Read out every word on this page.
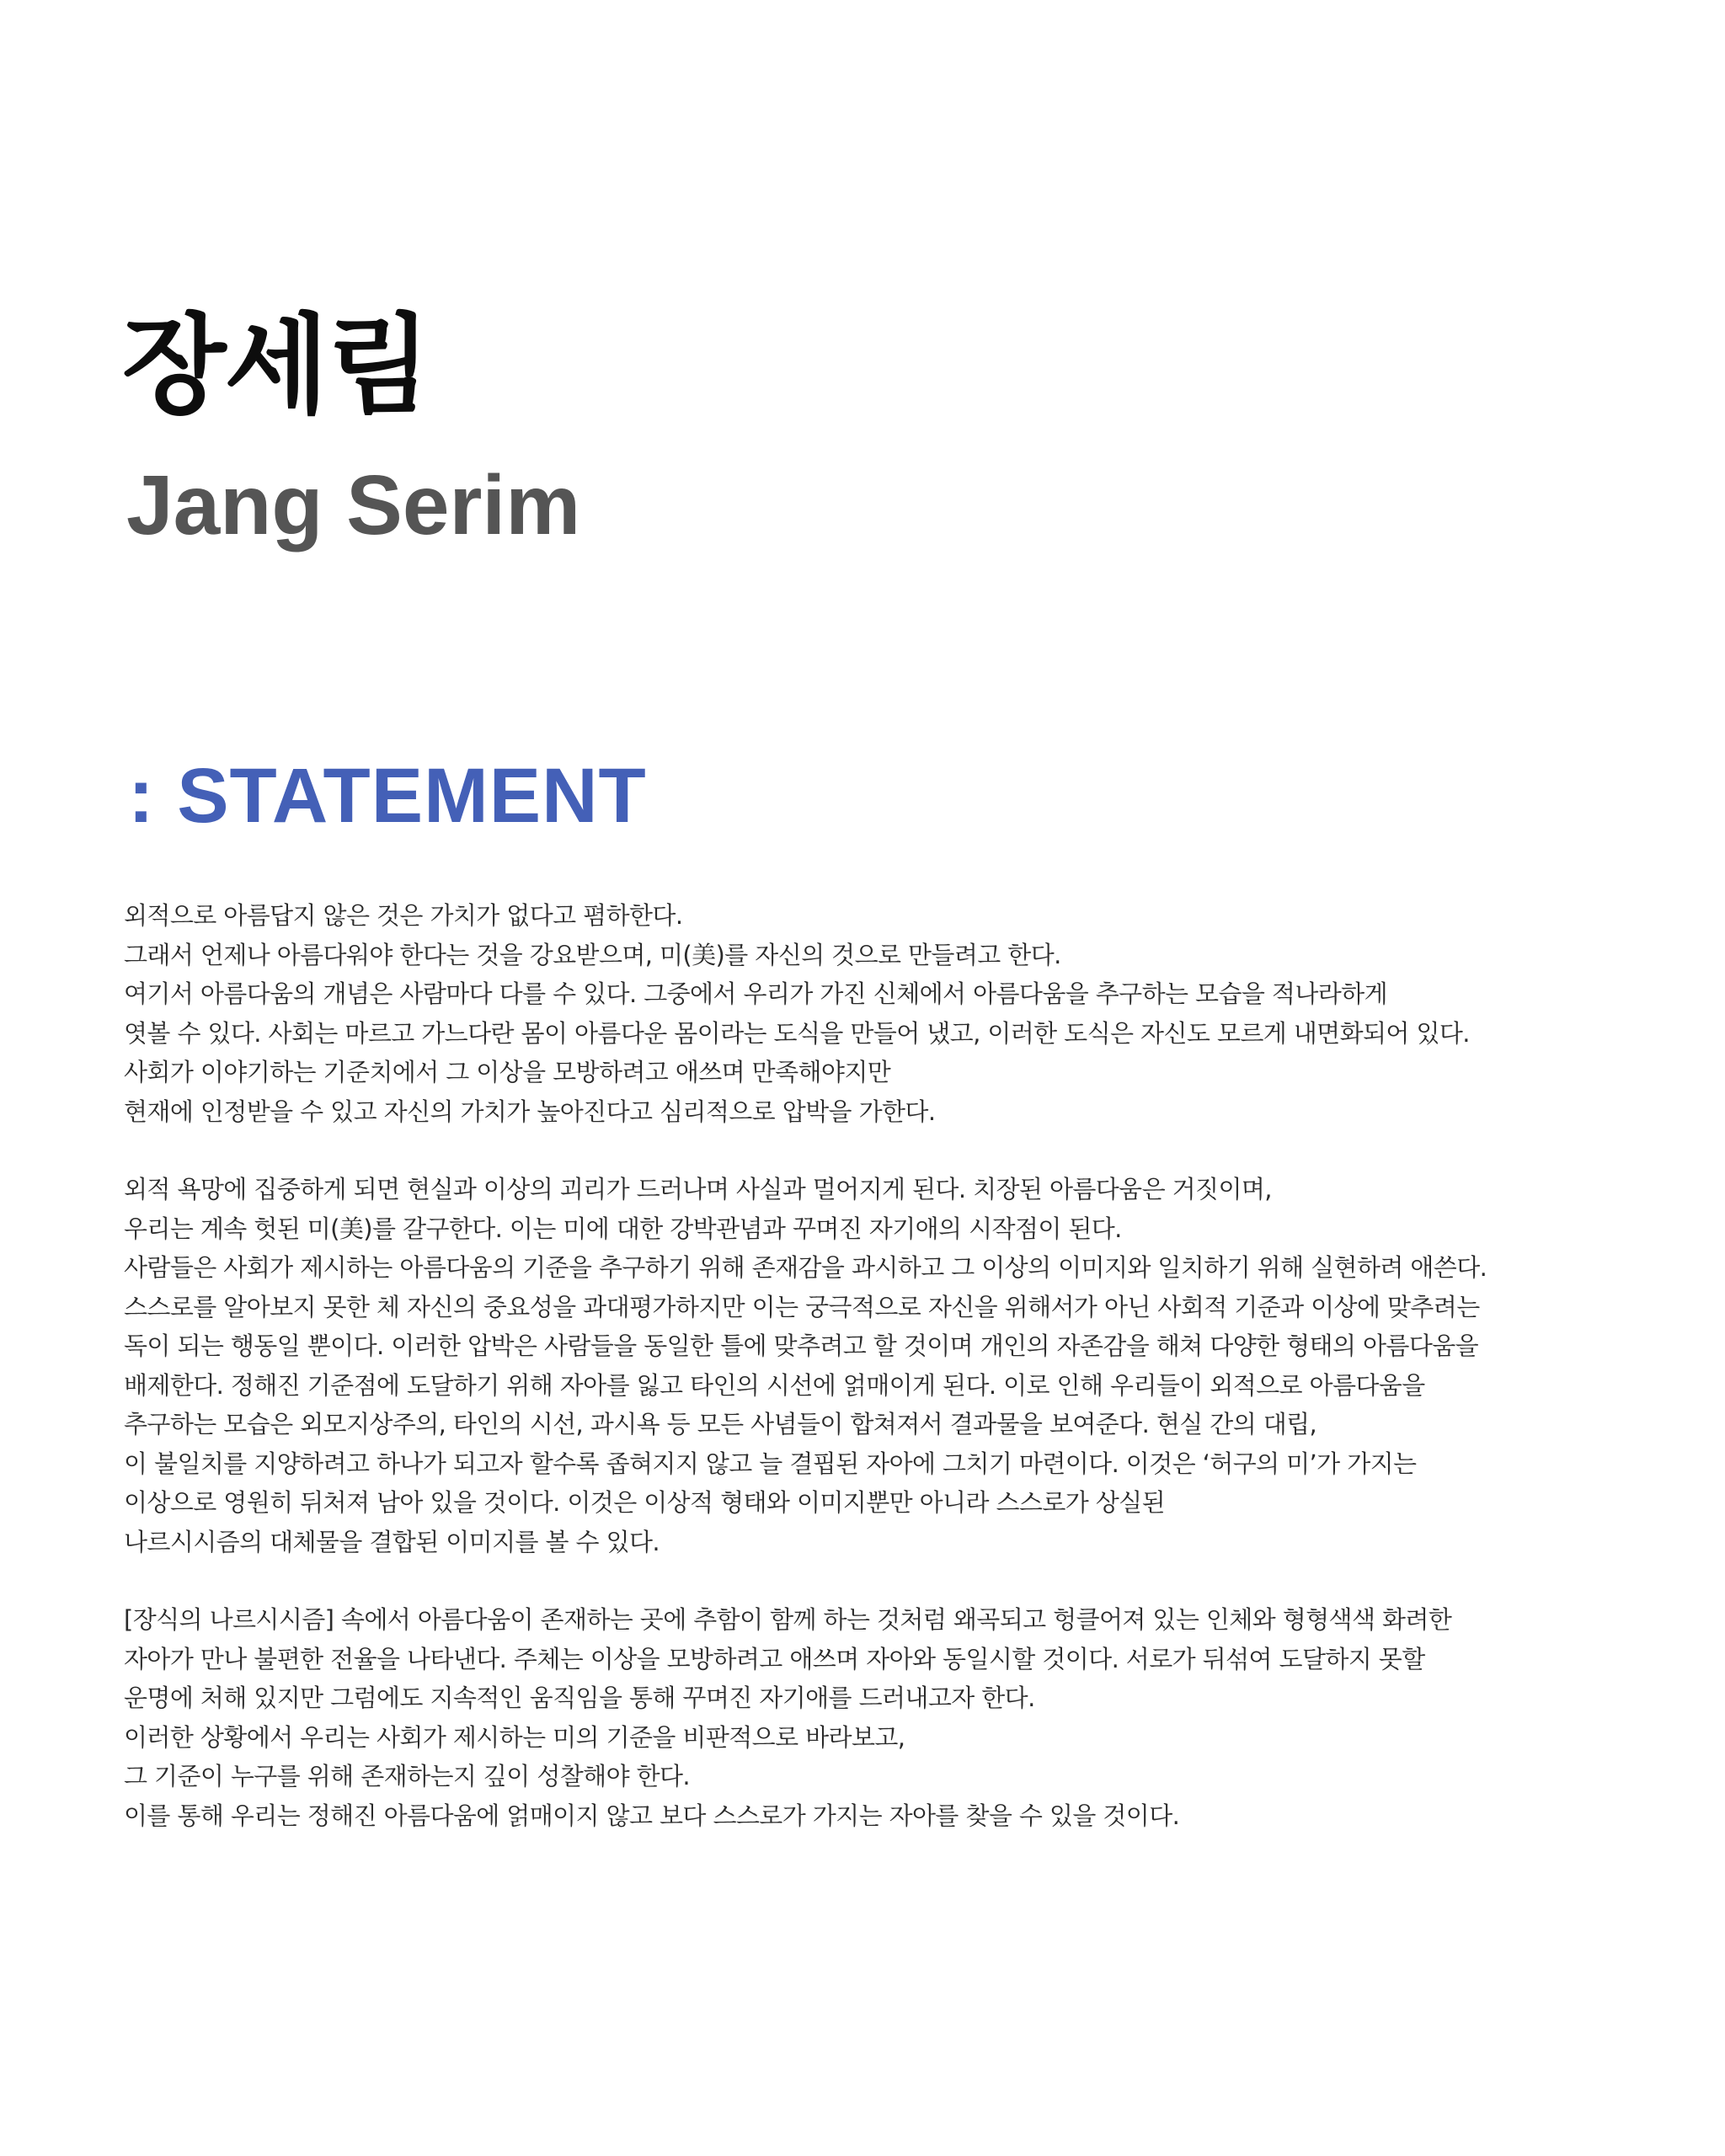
장세림
Jang Serim
: STATEMENT

외적으로 아름답지 않은 것은 가치가 없다고 폄하한다.
그래서 언제나 아름다워야 한다는 것을 강요받으며, 미(美)를 자신의 것으로 만들려고 한다.
여기서 아름다움의 개념은 사람마다 다를 수 있다. 그중에서 우리가 가진 신체에서 아름다움을 추구하는 모습을 적나라하게
엿볼 수 있다. 사회는 마르고 가느다란 몸이 아름다운 몸이라는 도식을 만들어 냈고, 이러한 도식은 자신도 모르게 내면화되어 있다.
사회가 이야기하는 기준치에서 그 이상을 모방하려고 애쓰며 만족해야지만
현재에 인정받을 수 있고 자신의 가치가 높아진다고 심리적으로 압박을 가한다.

외적 욕망에 집중하게 되면 현실과 이상의 괴리가 드러나며 사실과 멀어지게 된다. 치장된 아름다움은 거짓이며,
우리는 계속 헛된 미(美)를 갈구한다. 이는 미에 대한 강박관념과 꾸며진 자기애의 시작점이 된다.
사람들은 사회가 제시하는 아름다움의 기준을 추구하기 위해 존재감을 과시하고 그 이상의 이미지와 일치하기 위해 실현하려 애쓴다.
스스로를 알아보지 못한 체 자신의 중요성을 과대평가하지만 이는 궁극적으로 자신을 위해서가 아닌 사회적 기준과 이상에 맞추려는
독이 되는 행동일 뿐이다. 이러한 압박은 사람들을 동일한 틀에 맞추려고 할 것이며 개인의 자존감을 해쳐 다양한 형태의 아름다움을
배제한다. 정해진 기준점에 도달하기 위해 자아를 잃고 타인의 시선에 얽매이게 된다. 이로 인해 우리들이 외적으로 아름다움을
추구하는 모습은 외모지상주의, 타인의 시선, 과시욕 등 모든 사념들이 합쳐져서 결과물을 보여준다. 현실 간의 대립,
이 불일치를 지양하려고 하나가 되고자 할수록 좁혀지지 않고 늘 결핍된 자아에 그치기 마련이다. 이것은 ‘허구의 미’가 가지는
이상으로 영원히 뒤처져 남아 있을 것이다. 이것은 이상적 형태와 이미지뿐만 아니라 스스로가 상실된
나르시시즘의 대체물을 결합된 이미지를 볼 수 있다.

[장식의 나르시시즘] 속에서 아름다움이 존재하는 곳에 추함이 함께 하는 것처럼 왜곡되고 헝클어져 있는 인체와 형형색색 화려한
자아가 만나 불편한 전율을 나타낸다. 주체는 이상을 모방하려고 애쓰며 자아와 동일시할 것이다. 서로가 뒤섞여 도달하지 못할
운명에 처해 있지만 그럼에도 지속적인 움직임을 통해 꾸며진 자기애를 드러내고자 한다.
이러한 상황에서 우리는 사회가 제시하는 미의 기준을 비판적으로 바라보고,
그 기준이 누구를 위해 존재하는지 깊이 성찰해야 한다.
이를 통해 우리는 정해진 아름다움에 얽매이지 않고 보다 스스로가 가지는 자아를 찾을 수 있을 것이다.
